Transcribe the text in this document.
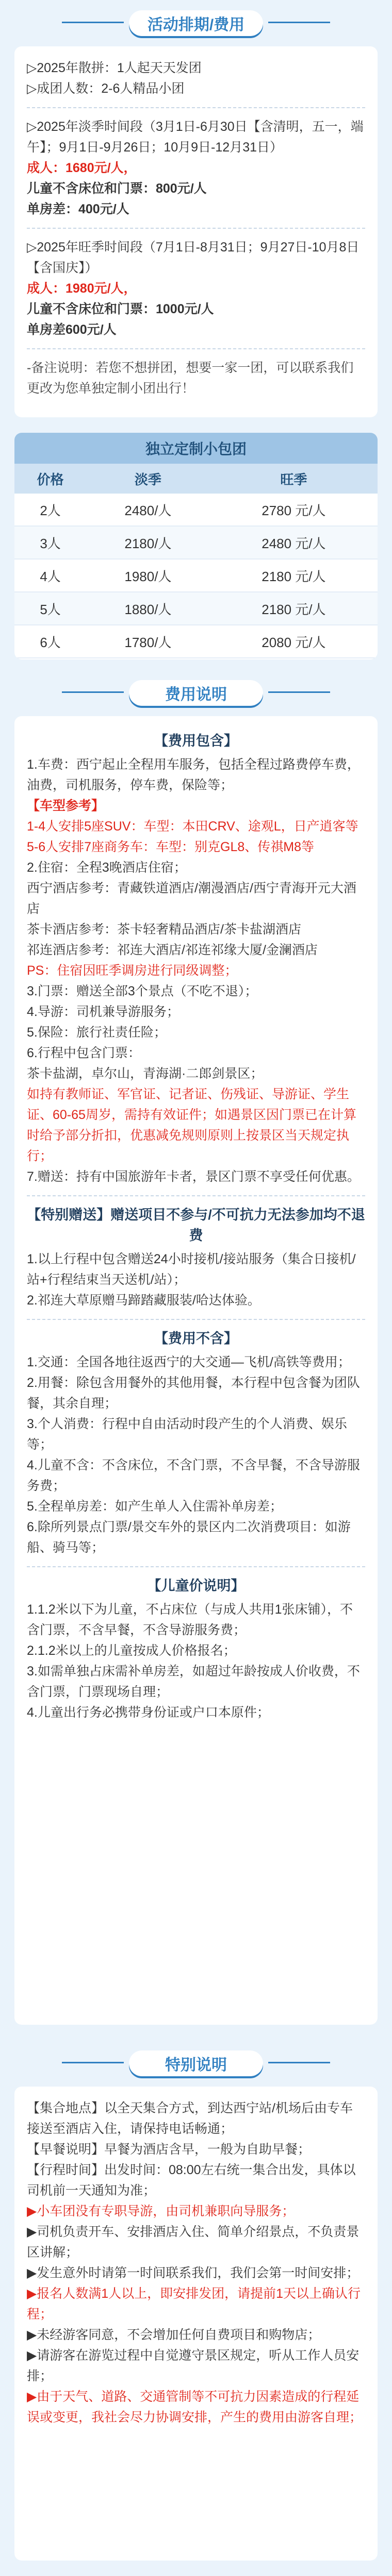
活动排期/费用
▷2025年散拼：1人起天天发团
▷成团人数：2-6人精品小团
▷2025年淡季时间段（3月1日-6月30日【含清明，五一，端午】；9月1日-9月26日；10月9日-12月31日）
成人：1680元/人，
儿童不含床位和门票：800元/人
单房差：400元/人
▷2025年旺季时间段（7月1日-8月31日；9月27日-10月8日【含国庆】）
成人：1980元/人，
儿童不含床位和门票：1000元/人
单房差600元/人
-备注说明：若您不想拼团，想要一家一团，可以联系我们更改为您单独定制小团出行！
独立定制小包团
价格	淡季	旺季
2人	2480/人	2780 元/人
3人	2180/人	2480 元/人
4人	1980/人	2180 元/人
5人	1880/人	2180 元/人
6人	1780/人	2080 元/人
费用说明
【费用包含】
1.车费：西宁起止全程用车服务，包括全程过路费停车费，油费，司机服务，停车费，保险等；
【车型参考】
1-4人安排5座SUV：车型：本田CRV、途观L，日产逍客等
5-6人安排7座商务车：车型：别克GL8、传祺M8等
2.住宿：全程3晚酒店住宿；
西宁酒店参考：青藏铁道酒店/潮漫酒店/西宁青海开元大酒店
茶卡酒店参考：茶卡轻奢精品酒店/茶卡盐湖酒店
祁连酒店参考：祁连大酒店/祁连祁缘大厦/金澜酒店
PS：住宿因旺季调房进行同级调整；
3.门票：赠送全部3个景点（不吃不退）；
4.导游：司机兼导游服务；
5.保险：旅行社责任险；
6.行程中包含门票：
茶卡盐湖，卓尔山，青海湖·二郎剑景区；
如持有教师证、军官证、记者证、伤残证、导游证、学生证、60-65周岁，需持有效证件；如遇景区因门票已在计算时给予部分折扣，优惠减免规则原则上按景区当天规定执行；
7.赠送：持有中国旅游年卡者，景区门票不享受任何优惠。
【特别赠送】赠送项目不参与/不可抗力无法参加均不退费
1.以上行程中包含赠送24小时接机/接站服务（集合日接机/站+行程结束当天送机/站）；
2.祁连大草原赠马蹄踏藏服装/哈达体验。
【费用不含】
1.交通：全国各地往返西宁的大交通—飞机/高铁等费用；
2.用餐：除包含用餐外的其他用餐，本行程中包含餐为团队餐，其余自理；
3.个人消费：行程中自由活动时段产生的个人消费、娱乐等；
4.儿童不含：不含床位，不含门票，不含早餐，不含导游服务费；
5.全程单房差：如产生单人入住需补单房差；
6.除所列景点门票/景交车外的景区内二次消费项目：如游船、骑马等；
【儿童价说明】
1.1.2米以下为儿童，不占床位（与成人共用1张床铺），不含门票，不含早餐，不含导游服务费；
2.1.2米以上的儿童按成人价格报名；
3.如需单独占床需补单房差，如超过年龄按成人价收费，不含门票，门票现场自理；
4.儿童出行务必携带身份证或户口本原件；
特别说明
【集合地点】以全天集合方式，到达西宁站/机场后由专车接送至酒店入住，请保持电话畅通；
【早餐说明】早餐为酒店含早，一般为自助早餐；
【行程时间】出发时间：08:00左右统一集合出发，具体以司机前一天通知为准；
▶小车团没有专职导游，由司机兼职向导服务；
▶司机负责开车、安排酒店入住、简单介绍景点，不负责景区讲解；
▶发生意外时请第一时间联系我们，我们会第一时间安排；
▶报名人数满1人以上，即安排发团，请提前1天以上确认行程；
▶未经游客同意，不会增加任何自费项目和购物店；
▶请游客在游览过程中自觉遵守景区规定，听从工作人员安排；
▶由于天气、道路、交通管制等不可抗力因素造成的行程延误或变更，我社会尽力协调安排，产生的费用由游客自理；
